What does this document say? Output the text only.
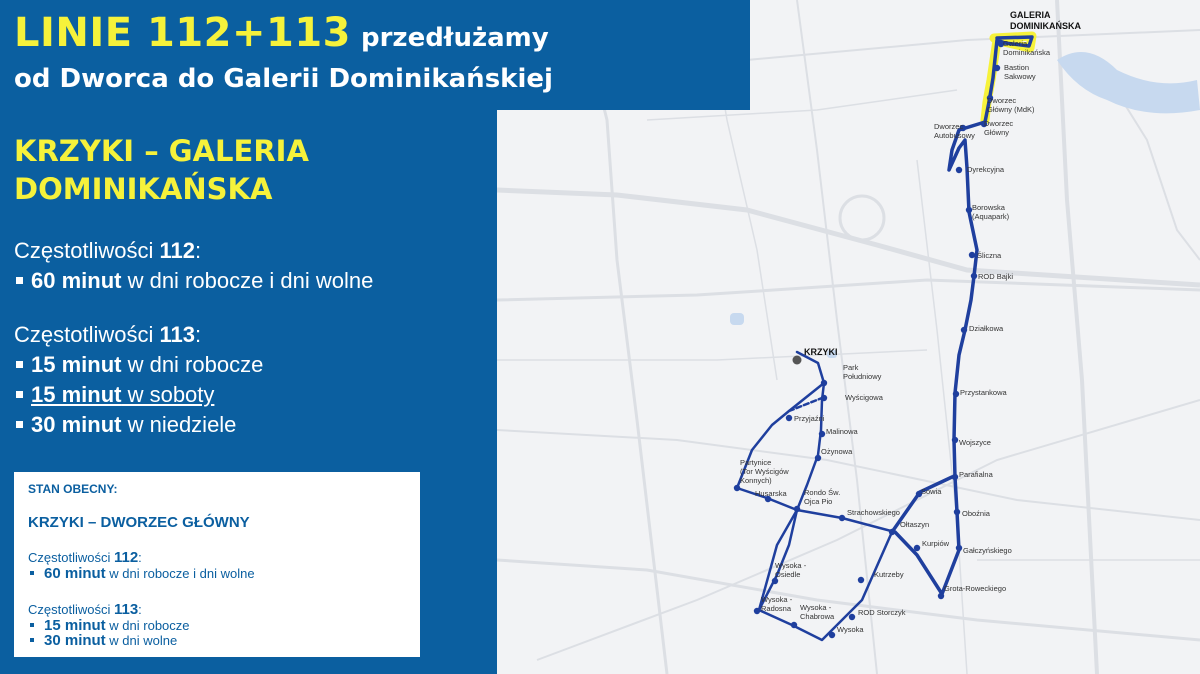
Galeria
Dominikańska
Bastion
Sakwowy
Dworzec
Główny (MdK)
Dworzec
Główny
Dworzec
Autobusowy
Dyrekcyjna
Borowska
(Aquapark)
Śliczna
ROD Bajki
Działkowa
Przystankowa
Wojszyce
Parafialna
Oboźnia
Gałczyńskiego
Grota-Roweckiego
Sowia
Ołtaszyn
Kurpiów
Kutrzeby
ROD Storczyk
Wysoka
Wysoka -
Chabrowa
Wysoka -
Radosna
Wysoka -
Osiedle
Strachowskiego
Rondo Św.
Ojca Pio
Husarska
Partynice
(Tor Wyścigów
Konnych)
Przyjaźni
Ożynowa
Malinowa
Wyścigowa
Park
Południowy
GALERIA
DOMINIKAŃSKA
KRZYKI
LINIE 112+113 przedłużamy
od Dworca do Galerii Dominikańskiej
KRZYKI – GALERIA
DOMINIKAŃSKA
Częstotliwości 112:
60 minut w dni robocze i dni wolne
Częstotliwości 113:
15 minut w dni robocze
15 minut w soboty
30 minut w niedziele
STAN OBECNY:
KRZYKI – DWORZEC GŁÓWNY
Częstotliwości 112:
60 minut w dni robocze i dni wolne
Częstotliwości 113:
15 minut w dni robocze
30 minut w dni wolne
